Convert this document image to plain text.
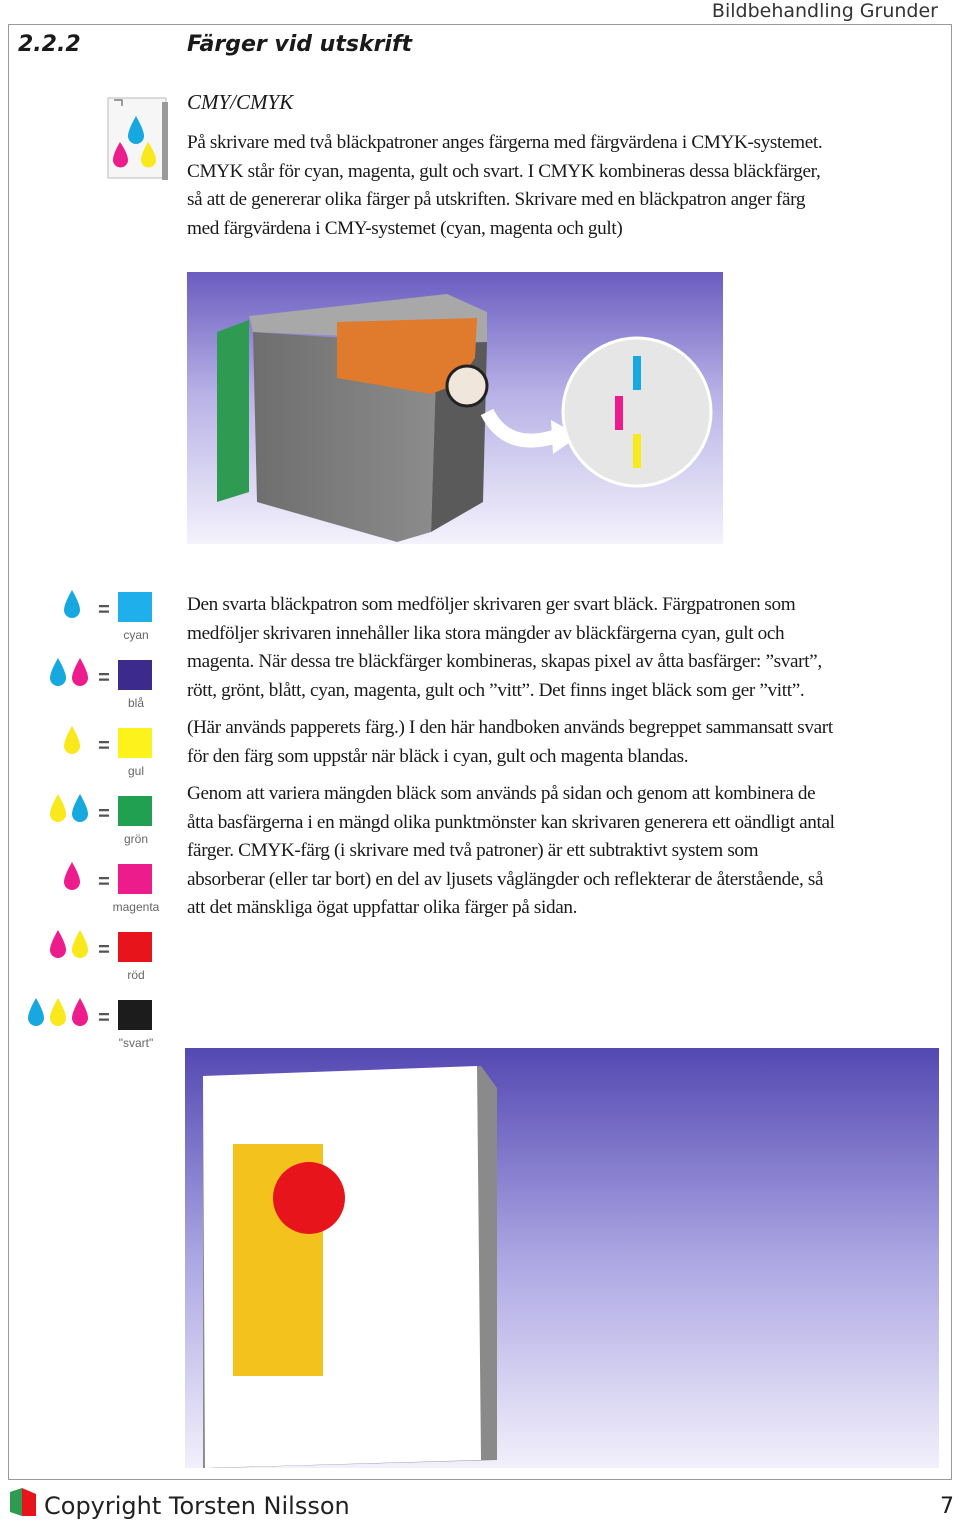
Bildbehandling Grunder
2.2.2	Färger vid utskrift
CMY/CMYK

På skrivare med två bläckpatroner anges färgerna med färgvärdena i CMYK-systemet.

CMYK står för cyan, magenta, gult och svart. I CMYK kombineras dessa bläckfärger,

så att de genererar olika färger på utskriften. Skrivare med en bläckpatron anger färg

med färgvärdena i CMY-systemet (cyan, magenta och gult)

=
cyan
=
blå
=
gul
=
grön
=
magenta
=
röd
=
"svart"

Den svarta bläckpatron som medföljer skrivaren ger svart bläck. Färgpatronen som

medföljer skrivaren innehåller lika stora mängder av bläckfärgerna cyan, gult och

magenta. När dessa tre bläckfärger kombineras, skapas pixel av åtta basfärger: ”svart”,

rött, grönt, blått, cyan, magenta, gult och ”vitt”. Det finns inget bläck som ger ”vitt”.

(Här används papperets färg.) I den här handboken används begreppet sammansatt svart

för den färg som uppstår när bläck i cyan, gult och magenta blandas.

Genom att variera mängden bläck som används på sidan och genom att kombinera de

åtta basfärgerna i en mängd olika punktmönster kan skrivaren generera ett oändligt antal

färger. CMYK-färg (i skrivare med två patroner) är ett subtraktivt system som

absorberar (eller tar bort) en del av ljusets våglängder och reflekterar de återstående, så

att det mänskliga ögat uppfattar olika färger på sidan.

Copyright Torsten Nilsson	7
